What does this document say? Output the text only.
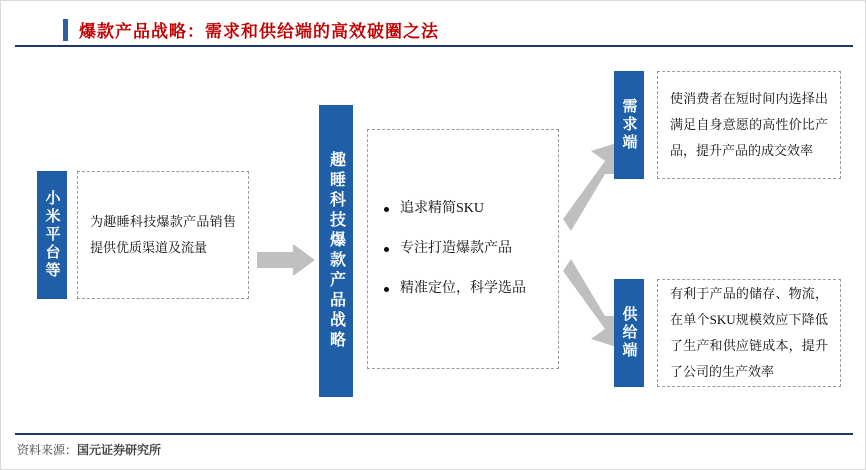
爆款产品战略：需求和供给端的高效破圈之法
小米平台等 为趣睡科技爆款产品销售提供优质渠道及流量	趣睡科技爆款产品战略	追求精简SKU
专注打造爆款产品
精准定位，科学选品
需求端	使消费者在短时间内选择出满足自身意愿的高性价比产品，提升产品的成交效率
供给端
有利于产品的储存、物流，在单个SKU规模效应下降低了生产和供应链成本，提升了公司的生产效率
资料来源：国元证券研究所
